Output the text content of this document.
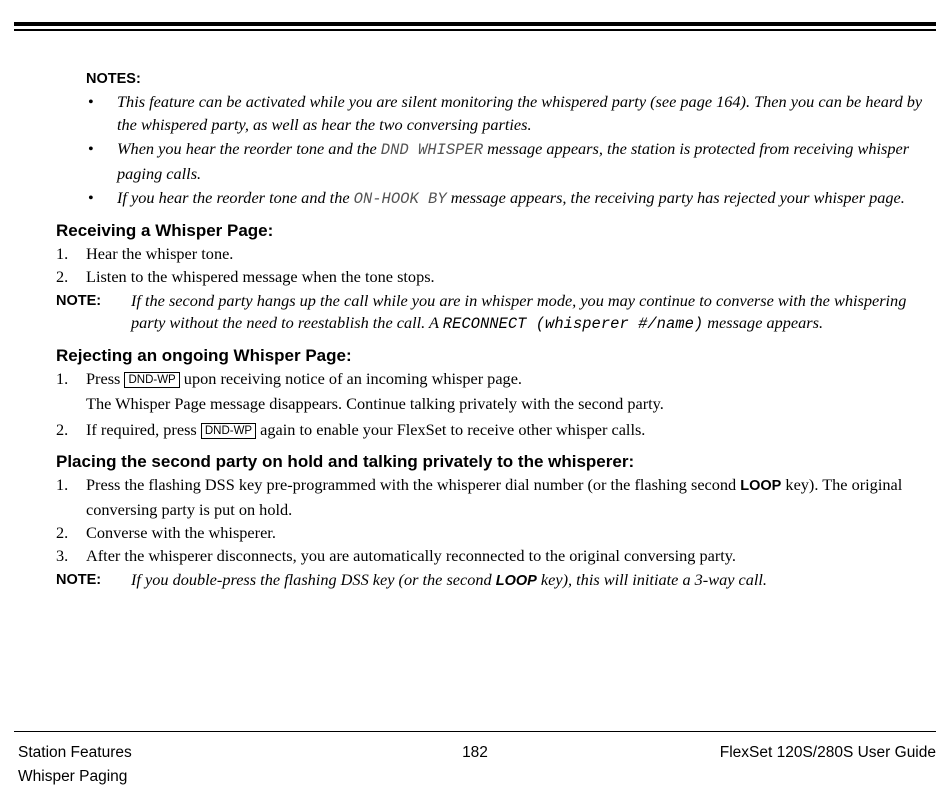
NOTES:
• This feature can be activated while you are silent monitoring the whispered party (see page 164). Then you can be heard by the whispered party, as well as hear the two conversing parties.
• When you hear the reorder tone and the DND WHISPER message appears, the station is protected from receiving whisper paging calls.
• If you hear the reorder tone and the ON-HOOK BY message appears, the receiving party has rejected your whisper page.
Receiving a Whisper Page:
1. Hear the whisper tone.
2. Listen to the whispered message when the tone stops.
NOTE: If the second party hangs up the call while you are in whisper mode, you may continue to converse with the whispering party without the need to reestablish the call. A RECONNECT (whisperer #/name) message appears.
Rejecting an ongoing Whisper Page:
1. Press DND-WP upon receiving notice of an incoming whisper page.
The Whisper Page message disappears. Continue talking privately with the second party.
2. If required, press DND-WP again to enable your FlexSet to receive other whisper calls.
Placing the second party on hold and talking privately to the whisperer:
1. Press the flashing DSS key pre-programmed with the whisperer dial number (or the flashing second LOOP key). The original conversing party is put on hold.
2. Converse with the whisperer.
3. After the whisperer disconnects, you are automatically reconnected to the original conversing party.
NOTE: If you double-press the flashing DSS key (or the second LOOP key), this will initiate a 3-way call.
Station Features
Whisper Paging
182	FlexSet 120S/280S User Guide
